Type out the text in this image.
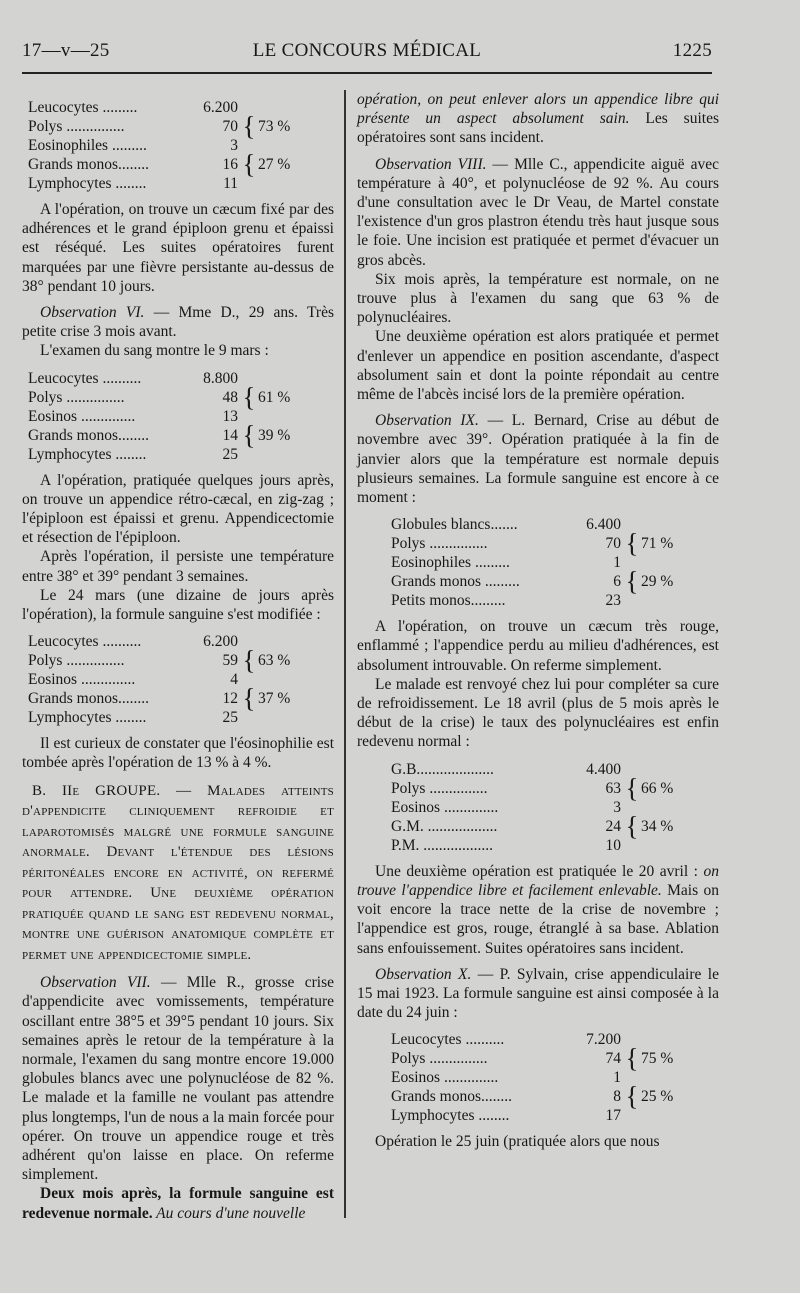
17—v—25	LE CONCOURS MÉDICAL	1225
Leucocytes .........	6.200
Polys ...............	70 { 73 %
Eosinophiles .........	3
Grands monos........	16 { 27 %
Lymphocytes ........	11

A l'opération, on trouve un cæcum fixé par des adhérences et le grand épiploon grenu et épaissi est réséqué. Les suites opératoires furent marquées par une fièvre persistante au-dessus de 38° pendant 10 jours.

Observation VI. — Mme D., 29 ans. Très petite crise 3 mois avant.

L'examen du sang montre le 9 mars :

Leucocytes ..........	8.800
Polys ...............	48 { 61 %
Eosinos ..............	13
Grands monos........	14 { 39 %
Lymphocytes ........	25

A l'opération, pratiquée quelques jours après, on trouve un appendice rétro-cæcal, en zig-zag ; l'épiploon est épaissi et grenu. Appendicectomie et résection de l'épiploon.

Après l'opération, il persiste une température entre 38° et 39° pendant 3 semaines.

Le 24 mars (une dizaine de jours après l'opération), la formule sanguine s'est modifiée :

Leucocytes ..........	6.200
Polys ...............	59 { 63 %
Eosinos ..............	4
Grands monos........	12 { 37 %
Lymphocytes ........	25

Il est curieux de constater que l'éosinophilie est tombée après l'opération de 13 % à 4 %.

B. IIe GROUPE. — Malades atteints d'appendicite cliniquement refroidie et laparotomisés malgré une formule sanguine anormale. Devant l'étendue des lésions péritonéales encore en activité, on refermé pour attendre. Une deuxième opération pratiquée quand le sang est redevenu normal, montre une guérison anatomique complète et permet une appendicectomie simple.

Observation VII. — Mlle R., grosse crise d'appendicite avec vomissements, température oscillant entre 38°5 et 39°5 pendant 10 jours. Six semaines après le retour de la température à la normale, l'examen du sang montre encore 19.000 globules blancs avec une polynucléose de 82 %. Le malade et la famille ne voulant pas attendre plus longtemps, l'un de nous a la main forcée pour opérer. On trouve un appendice rouge et très adhérent qu'on laisse en place. On referme simplement.

Deux mois après, la formule sanguine est redevenue normale. Au cours d'une nouvelle

opération, on peut enlever alors un appendice libre qui présente un aspect absolument sain. Les suites opératoires sont sans incident.

Observation VIII. — Mlle C., appendicite aiguë avec température à 40°, et polynucléose de 92 %. Au cours d'une consultation avec le Dr Veau, de Martel constate l'existence d'un gros plastron étendu très haut jusque sous le foie. Une incision est pratiquée et permet d'évacuer un gros abcès.

Six mois après, la température est normale, on ne trouve plus à l'examen du sang que 63 % de polynucléaires.

Une deuxième opération est alors pratiquée et permet d'enlever un appendice en position ascendante, d'aspect absolument sain et dont la pointe répondait au centre même de l'abcès incisé lors de la première opération.

Observation IX. — L. Bernard, Crise au début de novembre avec 39°. Opération pratiquée à la fin de janvier alors que la température est normale depuis plusieurs semaines. La formule sanguine est encore à ce moment :

Globules blancs.......	6.400
Polys ...............	70 { 71 %
Eosinophiles .........	1
Grands monos .........	6 { 29 %
Petits monos.........	23

A l'opération, on trouve un cæcum très rouge, enflammé ; l'appendice perdu au milieu d'adhérences, est absolument introuvable. On referme simplement.

Le malade est renvoyé chez lui pour compléter sa cure de refroidissement. Le 18 avril (plus de 5 mois après le début de la crise) le taux des polynucléaires est enfin redevenu normal :

G.B....................	4.400
Polys ...............	63 { 66 %
Eosinos ..............	3
G.M. ..................	24 { 34 %
P.M. ..................	10

Une deuxième opération est pratiquée le 20 avril : on trouve l'appendice libre et facilement enlevable. Mais on voit encore la trace nette de la crise de novembre ; l'appendice est gros, rouge, étranglé à sa base. Ablation sans enfouissement. Suites opératoires sans incident.

Observation X. — P. Sylvain, crise appendiculaire le 15 mai 1923. La formule sanguine est ainsi composée à la date du 24 juin :

Leucocytes ..........	7.200
Polys ...............	74 { 75 %
Eosinos ..............	1
Grands monos........	8 { 25 %
Lymphocytes ........	17

Opération le 25 juin (pratiquée alors que nous
